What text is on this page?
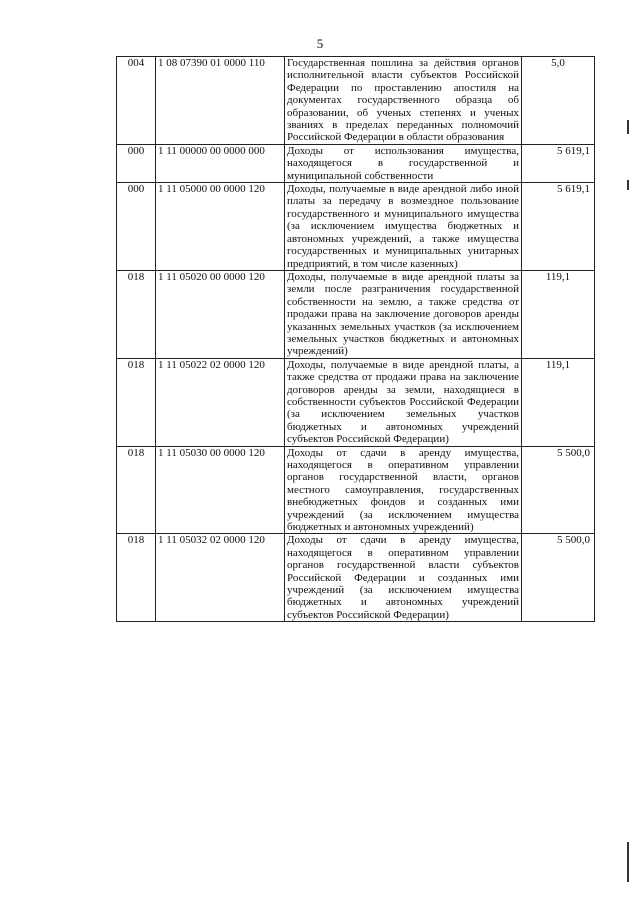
5
004	1 08 07390 01 0000 110	Государственная пошлина за действия органов исполнительной власти субъектов Российской Федерации по проставлению апостиля на документах государственного образца об образовании, об ученых степенях и ученых званиях в пределах переданных полномочий Российской Федерации в области образования	5,0
000	1 11 00000 00 0000 000	Доходы от использования имущества, находящегося в государственной и муниципальной собственности	5 619,1
000	1 11 05000 00 0000 120	Доходы, получаемые в виде арендной либо иной платы за передачу в возмездное пользование государственного и муниципального имущества (за исключением имущества бюджетных и автономных учреждений, а также имущества государственных и муниципальных унитарных предприятий, в том числе казенных)	5 619,1
018	1 11 05020 00 0000 120	Доходы, получаемые в виде арендной платы за земли после разграничения государственной собственности на землю, а также средства от продажи права на заключение договоров аренды указанных земельных участков (за исключением земельных участков бюджетных и автономных учреждений)	119,1
018	1 11 05022 02 0000 120	Доходы, получаемые в виде арендной платы, а также средства от продажи права на заключение договоров аренды за земли, находящиеся в собственности субъектов Российской Федерации (за исключением земельных участков бюджетных и автономных учреждений субъектов Российской Федерации)	119,1
018	1 11 05030 00 0000 120	Доходы от сдачи в аренду имущества, находящегося в оперативном управлении органов государственной власти, органов местного самоуправления, государственных внебюджетных фондов и созданных ими учреждений (за исключением имущества бюджетных и автономных учреждений)	5 500,0
018	1 11 05032 02 0000 120	Доходы от сдачи в аренду имущества, находящегося в оперативном управлении органов государственной власти субъектов Российской Федерации и созданных ими учреждений (за исключением имущества бюджетных и автономных учреждений субъектов Российской Федерации)	5 500,0
